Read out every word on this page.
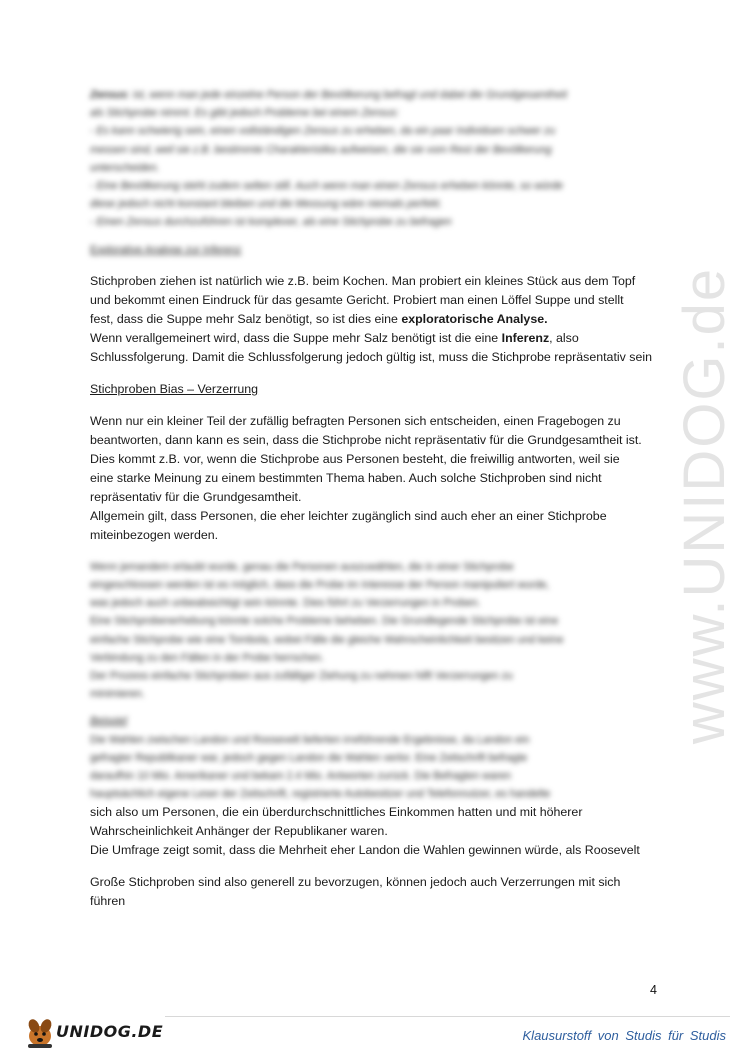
www.UNIDOG.de

Zensus: ist, wenn man jede einzelne Person der Bevölkerung befragt und dabei die Grundgesamtheit

als Stichprobe nimmt. Es gibt jedoch Probleme bei einem Zensus:

- Es kann schwierig sein, einen vollständigen Zensus zu erheben, da ein paar Individuen schwer zu

messen sind, weil sie z.B. bestimmte Charakteristika aufweisen, die sie vom Rest der Bevölkerung

unterscheiden.

- Eine Bevölkerung steht zudem selten still. Auch wenn man einen Zensus erheben könnte, so würde

diese jedoch nicht konstant bleiben und die Messung wäre niemals perfekt.

- Einen Zensus durchzuführen ist komplexer, als eine Stichprobe zu befragen

Explorative Analyse zur Inferenz

Stichproben ziehen ist natürlich wie z.B. beim Kochen. Man probiert ein kleines Stück aus dem Topf

und bekommt einen Eindruck für das gesamte Gericht. Probiert man einen Löffel Suppe und stellt

fest, dass die Suppe mehr Salz benötigt, so ist dies eine exploratorische Analyse.

Wenn verallgemeinert wird, dass die Suppe mehr Salz benötigt ist die eine Inferenz, also

Schlussfolgerung. Damit die Schlussfolgerung jedoch gültig ist, muss die Stichprobe repräsentativ sein

Stichproben Bias – Verzerrung

Wenn nur ein kleiner Teil der zufällig befragten Personen sich entscheiden, einen Fragebogen zu

beantworten, dann kann es sein, dass die Stichprobe nicht repräsentativ für die Grundgesamtheit ist.

Dies kommt z.B. vor, wenn die Stichprobe aus Personen besteht, die freiwillig antworten, weil sie

eine starke Meinung zu einem bestimmten Thema haben. Auch solche Stichproben sind nicht

repräsentativ für die Grundgesamtheit.

Allgemein gilt, dass Personen, die eher leichter zugänglich sind auch eher an einer Stichprobe

miteinbezogen werden.

Wenn jemandem erlaubt wurde, genau die Personen auszuwählen, die in einer Stichprobe

eingeschlossen werden ist es möglich, dass die Probe im Interesse der Person manipuliert wurde,

was jedoch auch unbeabsichtigt sein könnte. Dies führt zu Verzerrungen in Proben.

Eine Stichprobenerhebung könnte solche Probleme beheben. Die Grundlegende Stichprobe ist eine

einfache Stichprobe wie eine Tombola, wobei Fälle die gleiche Wahrscheinlichkeit besitzen und keine

Verbindung zu den Fällen in der Probe herrschen.

Der Prozess einfache Stichproben aus zufälliger Ziehung zu nehmen hilft Verzerrungen zu

minimieren.

Beispiel

Die Wahlen zwischen Landon und Roosevelt lieferten irreführende Ergebnisse, da Landon ein

gefragter Republikaner war, jedoch gegen Landon die Wahlen verlor. Eine Zeitschrift befragte

daraufhin 10 Mio. Amerikaner und bekam 2.4 Mio. Antworten zurück. Die Befragten waren

hauptsächlich eigene Leser der Zeitschrift, registrierte Autobesitzer und Telefonnutzer, es handelte

sich also um Personen, die ein überdurchschnittliches Einkommen hatten und mit höherer

Wahrscheinlichkeit Anhänger der Republikaner waren.

Die Umfrage zeigt somit, dass die Mehrheit eher Landon die Wahlen gewinnen würde, als Roosevelt

Große Stichproben sind also generell zu bevorzugen, können jedoch auch Verzerrungen mit sich

führen

4
UNIDOG.DE	Klausurstoff von Studis für Studis
